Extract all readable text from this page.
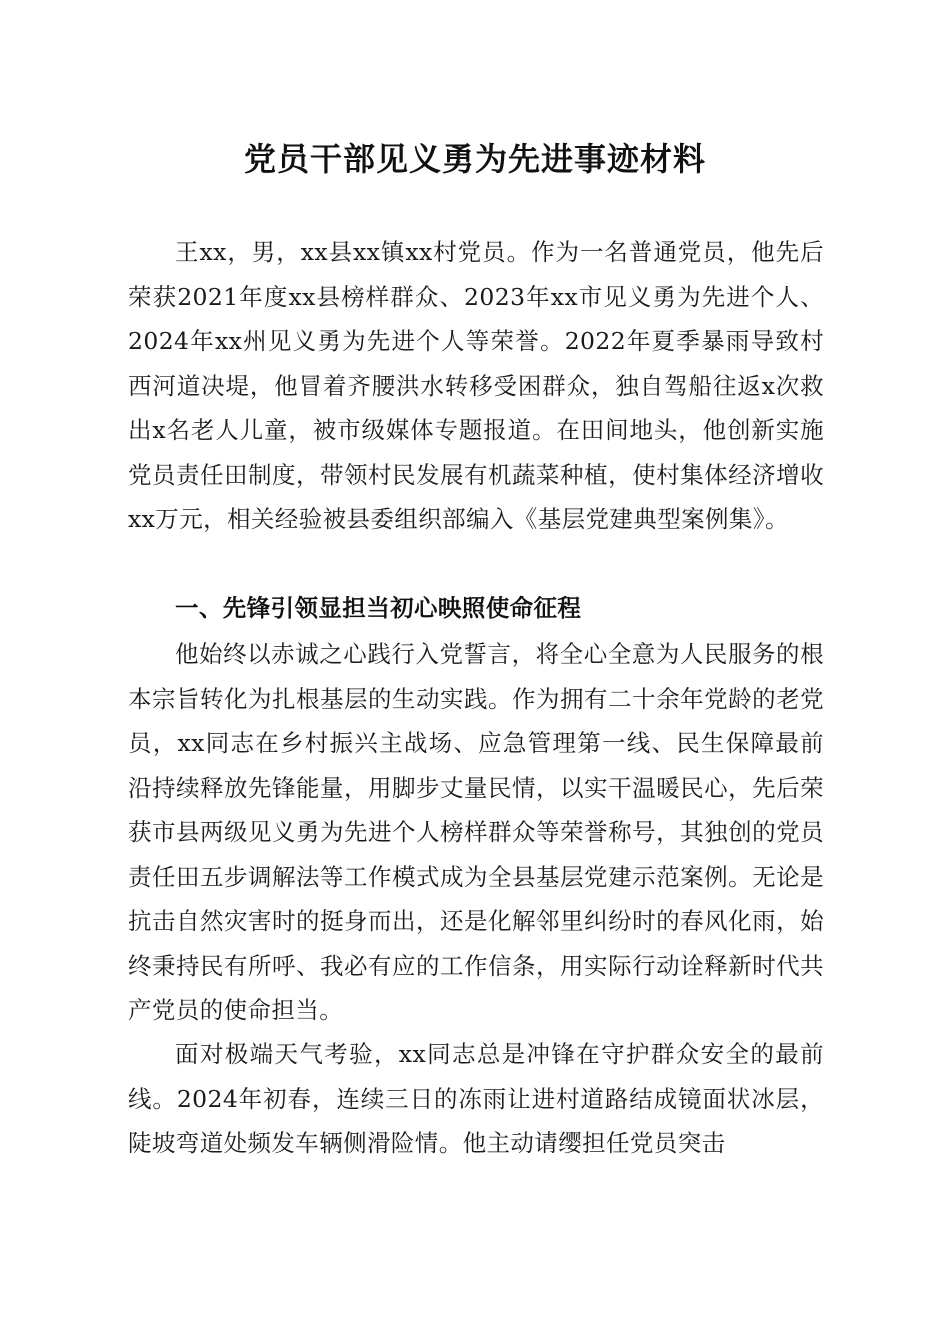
党员干部见义勇为先进事迹材料
王xx，男，xx县xx镇xx村党员。作为一名普通党员，他先后荣获2021年度xx县榜样群众、2023年xx市见义勇为先进个人、2024年xx州见义勇为先进个人等荣誉。2022年夏季暴雨导致村西河道决堤，他冒着齐腰洪水转移受困群众，独自驾船往返x次救出x名老人儿童，被市级媒体专题报道。在田间地头，他创新实施党员责任田制度，带领村民发展有机蔬菜种植，使村集体经济增收xx万元，相关经验被县委组织部编入《基层党建典型案例集》。
一、先锋引领显担当初心映照使命征程
他始终以赤诚之心践行入党誓言，将全心全意为人民服务的根本宗旨转化为扎根基层的生动实践。作为拥有二十余年党龄的老党员，xx同志在乡村振兴主战场、应急管理第一线、民生保障最前沿持续释放先锋能量，用脚步丈量民情，以实干温暖民心，先后荣获市县两级见义勇为先进个人榜样群众等荣誉称号，其独创的党员责任田五步调解法等工作模式成为全县基层党建示范案例。无论是抗击自然灾害时的挺身而出，还是化解邻里纠纷时的春风化雨，始终秉持民有所呼、我必有应的工作信条，用实际行动诠释新时代共产党员的使命担当。
面对极端天气考验，xx同志总是冲锋在守护群众安全的最前线。2024年初春，连续三日的冻雨让进村道路结成镜面状冰层，陡坡弯道处频发车辆侧滑险情。他主动请缨担任党员突击
